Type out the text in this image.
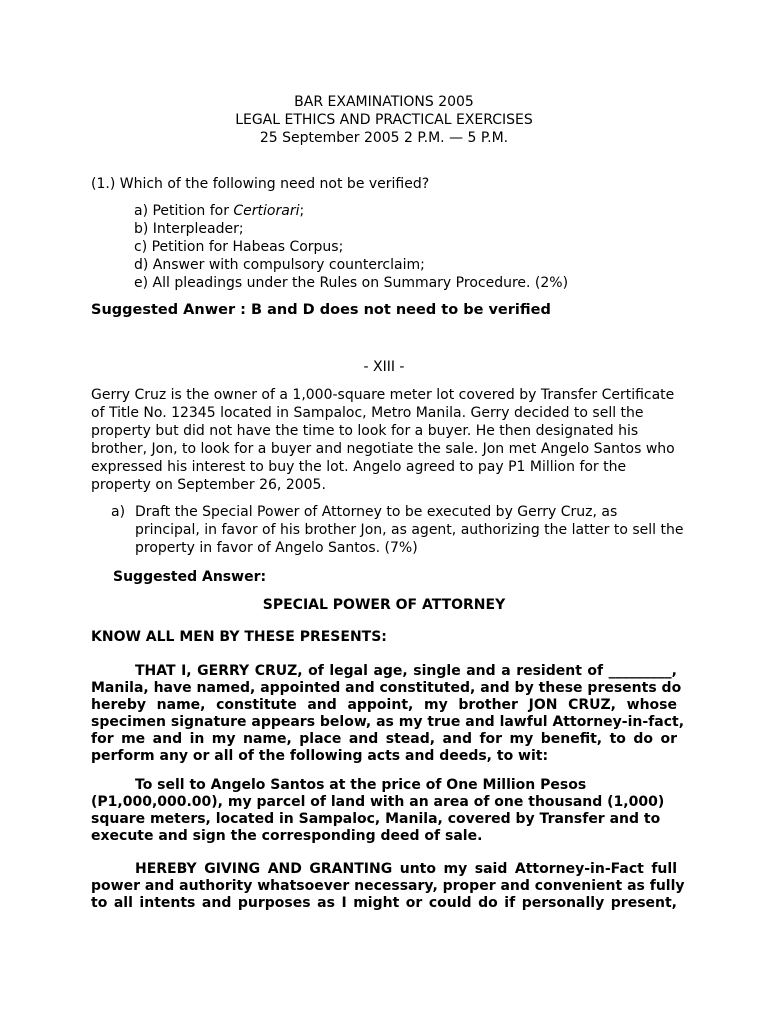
BAR EXAMINATIONS 2005
LEGAL ETHICS AND PRACTICAL EXERCISES
25 September 2005 2 P.M. — 5 P.M.
(1.) Which of the following need not be verified?
a) Petition for Certiorari;
b) Interpleader;
c) Petition for Habeas Corpus;
d) Answer with compulsory counterclaim;
e) All pleadings under the Rules on Summary Procedure. (2%)
Suggested Anwer : B and D does not need to be verified
- XIII -
Gerry Cruz is the owner of a 1,000-square meter lot covered by Transfer Certificate
of Title No. 12345 located in Sampaloc, Metro Manila. Gerry decided to sell the
property but did not have the time to look for a buyer. He then designated his
brother, Jon, to look for a buyer and negotiate the sale. Jon met Angelo Santos who
expressed his interest to buy the lot. Angelo agreed to pay P1 Million for the
property on September 26, 2005.
a) Draft the Special Power of Attorney to be executed by Gerry Cruz, as
principal, in favor of his brother Jon, as agent, authorizing the latter to sell the
property in favor of Angelo Santos. (7%)
Suggested Answer:
SPECIAL POWER OF ATTORNEY
KNOW ALL MEN BY THESE PRESENTS:
THAT I, GERRY CRUZ, of legal age, single and a resident of _________,
Manila, have named, appointed and constituted, and by these presents do
hereby name, constitute and appoint, my brother JON CRUZ, whose
specimen signature appears below, as my true and lawful Attorney-in-fact,
for me and in my name, place and stead, and for my benefit, to do or
perform any or all of the following acts and deeds, to wit:
To sell to Angelo Santos at the price of One Million Pesos
(P1,000,000.00), my parcel of land with an area of one thousand (1,000)
square meters, located in Sampaloc, Manila, covered by Transfer and to
execute and sign the corresponding deed of sale.
HEREBY GIVING AND GRANTING unto my said Attorney-in-Fact full
power and authority whatsoever necessary, proper and convenient as fully
to all intents and purposes as I might or could do if personally present,
